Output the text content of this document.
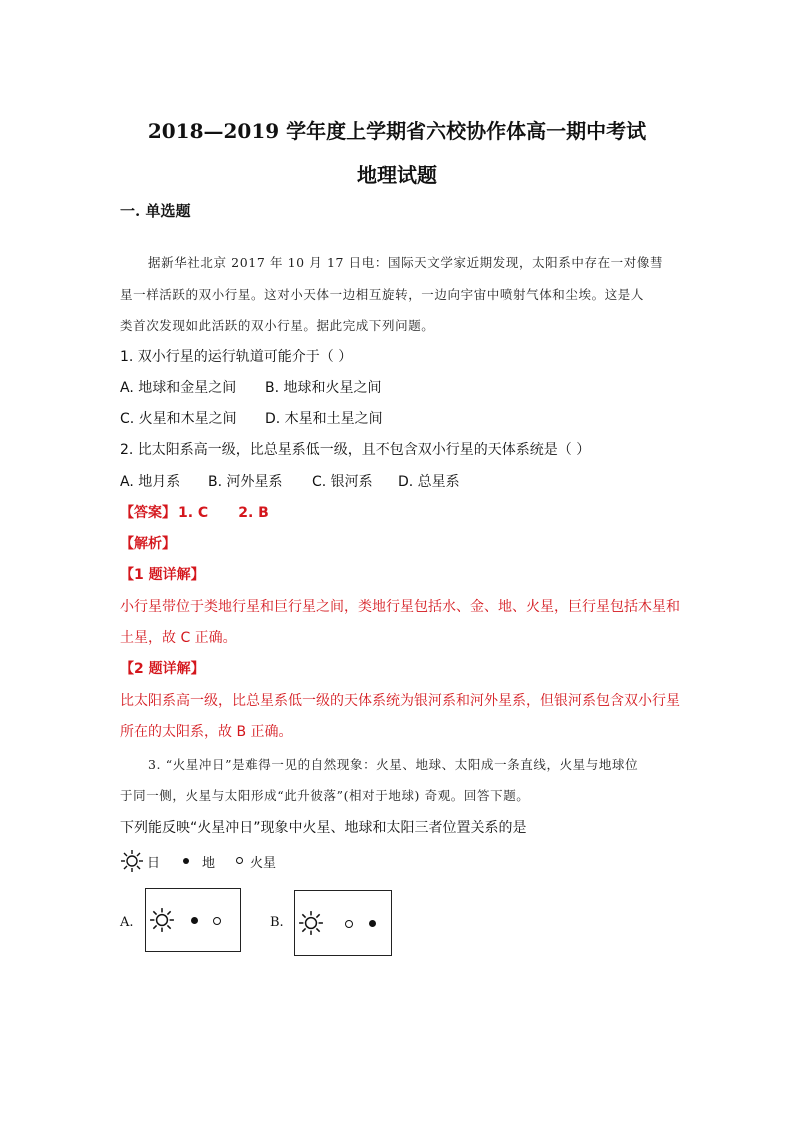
2018—2019 学年度上学期省六校协作体高一期中考试
地理试题
一. 单选题
据新华社北京 2017 年 10 月 17 日电：国际天文学家近期发现，太阳系中存在一对像彗
星一样活跃的双小行星。这对小天体一边相互旋转，一边向宇宙中喷射气体和尘埃。这是人
类首次发现如此活跃的双小行星。据此完成下列问题。
1. 双小行星的运行轨道可能介于（ ）
A. 地球和金星之间 B. 地球和火星之间
C. 火星和木星之间 D. 木星和土星之间
2. 比太阳系高一级，比总星系低一级，且不包含双小行星的天体系统是（ ）
A. 地月系 B. 河外星系 C. 银河系 D. 总星系
【答案】 1. C 2. B
【解析】
【1 题详解】
小行星带位于类地行星和巨行星之间，类地行星包括水、金、地、火星，巨行星包括木星和
土星，故 C 正确。
【2 题详解】
比太阳系高一级，比总星系低一级的天体系统为银河系和河外星系，但银河系包含双小行星
所在的太阳系，故 B 正确。
3. “火星冲日”是难得一见的自然现象：火星、地球、太阳成一条直线，火星与地球位
于同一侧，火星与太阳形成“此升彼落”(相对于地球) 奇观。回答下题。
下列能反映“火星冲日”现象中火星、地球和太阳三者位置关系的是
日	地	火星
A.	B.
